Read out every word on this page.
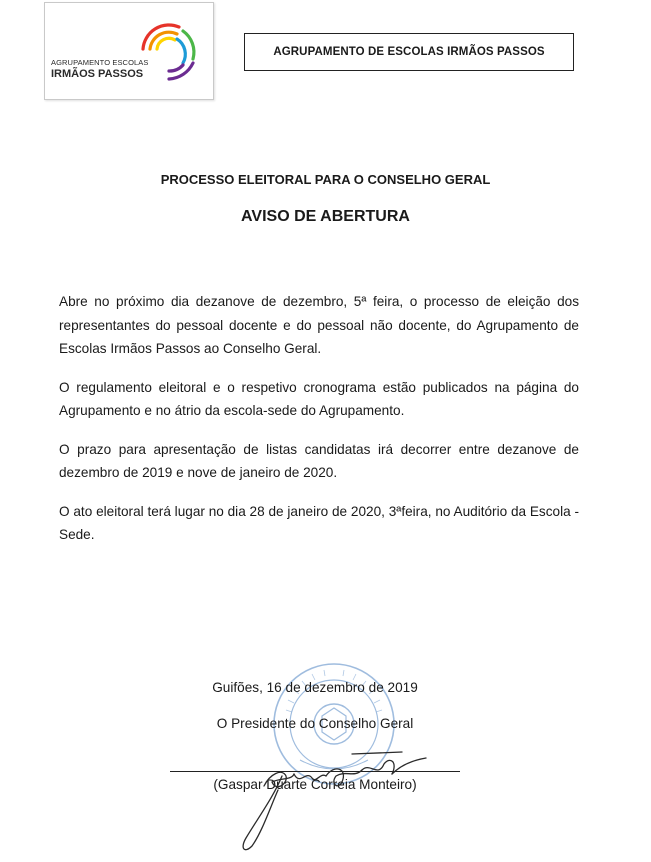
AGRUPAMENTO ESCOLAS
IRMÃOS PASSOS
AGRUPAMENTO DE ESCOLAS IRMÃOS PASSOS
PROCESSO ELEITORAL PARA O CONSELHO GERAL
AVISO DE ABERTURA

Abre no próximo dia dezanove de dezembro, 5ª feira, o processo de eleição dos representantes do pessoal docente e do pessoal não docente, do Agrupamento de Escolas Irmãos Passos ao Conselho Geral.

O regulamento eleitoral e o respetivo cronograma estão publicados na página do Agrupamento e no átrio da escola-sede do Agrupamento.

O prazo para apresentação de listas candidatas irá decorrer entre dezanove de dezembro de 2019 e nove de janeiro de 2020.

O ato eleitoral terá lugar no dia 28 de janeiro de 2020, 3ªfeira, no Auditório da Escola - Sede.

Guifões, 16 de dezembro de 2019
O Presidente do Conselho Geral
(Gaspar Duarte Correia Monteiro)
